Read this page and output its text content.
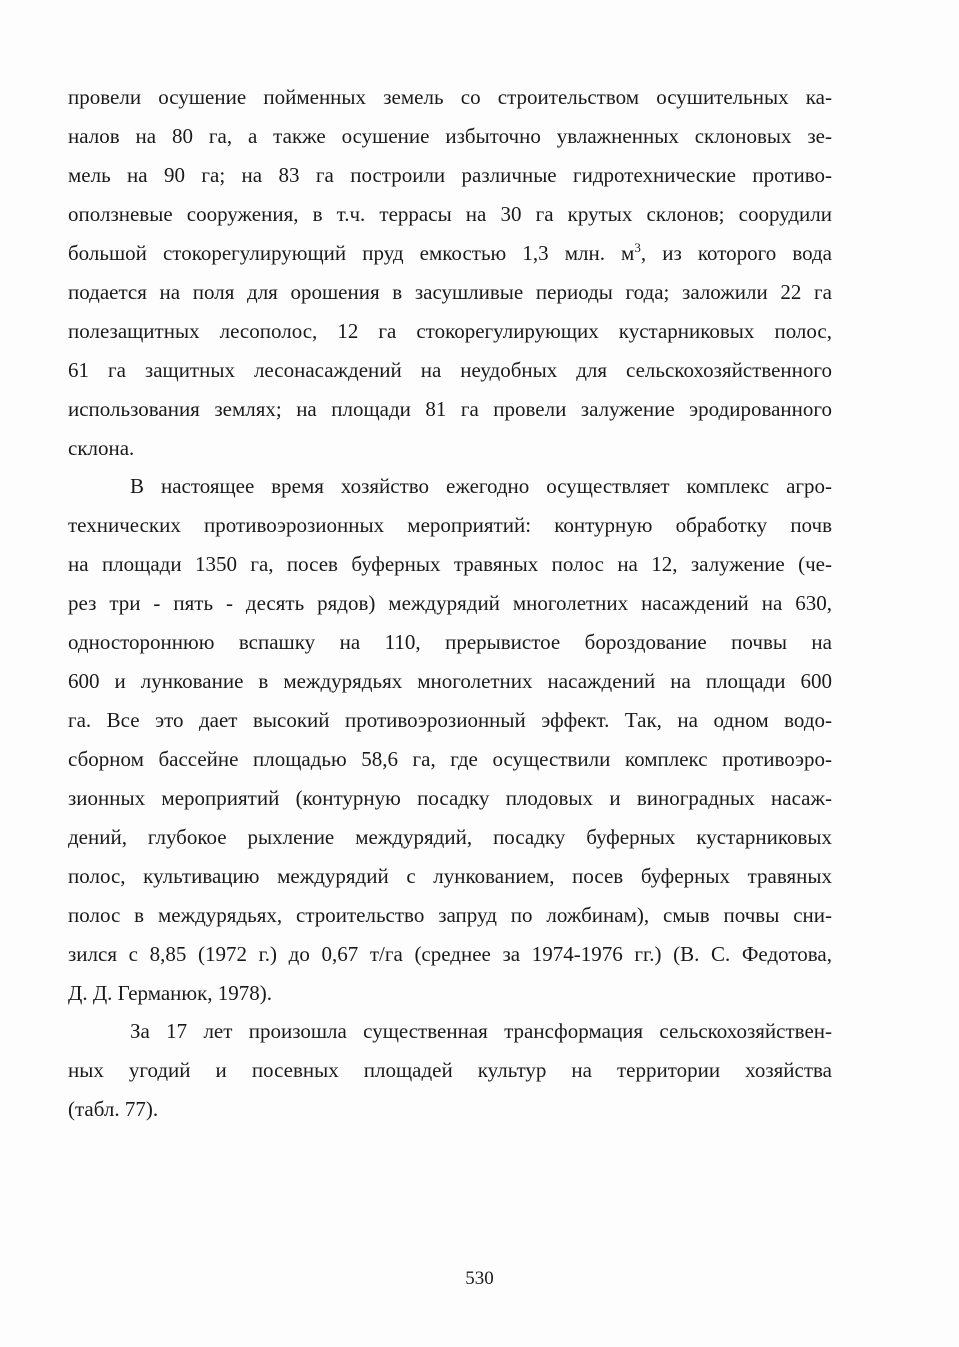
провели осушение пойменных земель со строительством осушительных ка-
налов на 80 га, а также осушение избыточно увлажненных склоновых зе-
мель на 90 га; на 83 га построили различные гидротехнические противо-
оползневые сооружения, в т.ч. террасы на 30 га крутых склонов; соорудили
большой стокорегулирующий пруд емкостью 1,3 млн. $м^3$, из которого вода
подается на поля для орошения в засушливые периоды года; заложили 22 га
полезащитных лесополос, 12 га стокорегулирующих кустарниковых полос,
61 га защитных лесонасаждений на неудобных для сельскохозяйственного
использования землях; на площади 81 га провели залужение эродированного
склона.
В настоящее время хозяйство ежегодно осуществляет комплекс агро-
технических противоэрозионных мероприятий: контурную обработку почв
на площади 1350 га, посев буферных травяных полос на 12, залужение (че-
рез три - пять - десять рядов) междурядий многолетних насаждений на 630,
одностороннюю вспашку на 110, прерывистое бороздование почвы на
600 и лункование в междурядьях многолетних насаждений на площади 600
га. Все это дает высокий противоэрозионный эффект. Так, на одном водо-
сборном бассейне площадью 58,6 га, где осуществили комплекс противоэро-
зионных мероприятий (контурную посадку плодовых и виноградных насаж-
дений, глубокое рыхление междурядий, посадку буферных кустарниковых
полос, культивацию междурядий с лункованием, посев буферных травяных
полос в междурядьях, строительство запруд по ложбинам), смыв почвы сни-
зился с 8,85 (1972 г.) до 0,67 т/га (среднее за 1974-1976 гг.) (В. С. Федотова,
Д. Д. Германюк, 1978).
За 17 лет произошла существенная трансформация сельскохозяйствен-
ных угодий и посевных площадей культур на территории хозяйства
(табл. 77).
530
